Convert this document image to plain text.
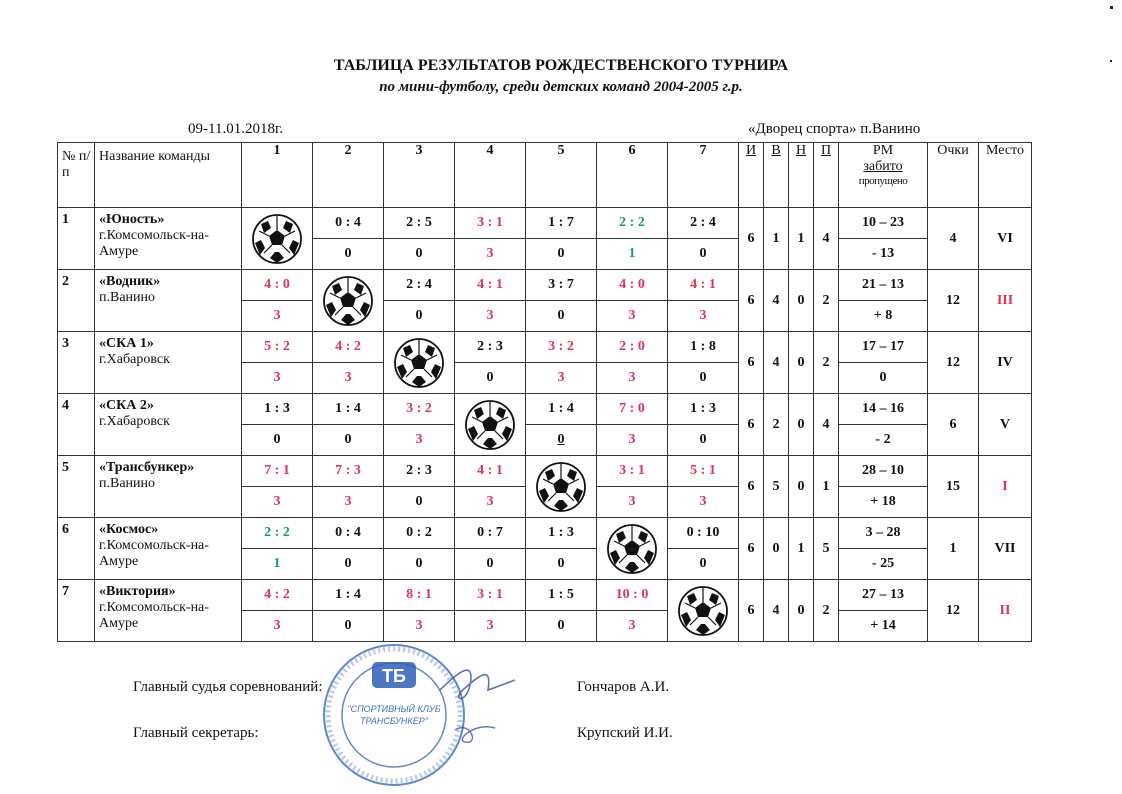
ТАБЛИЦА РЕЗУЛЬТАТОВ РОЖДЕСТВЕНСКОГО ТУРНИРА
по мини-футболу, среди детских команд 2004-2005 г.р.
09-11.01.2018г.	«Дворец спорта» п.Ванино
№ п/п	Название команды	1	2	3	4	5	6	7	И	В	Н	П	РМ
забито
пропущено	Очки	Место
1	«Юность»
г.Комсомольск-на-Амуре		0 : 4	2 : 5	3 : 1	1 : 7	2 : 2	2 : 4	6	1	1	4	10 – 23	4	VI
			0	0	3	0	1	0					- 13		
2	«Водник»
п.Ванино	4 : 0		2 : 4	4 : 1	3 : 7	4 : 0	4 : 1	6	4	0	2	21 – 13	12	III
		3		0	3	0	3	3					+ 8		
3	«СКА 1»
г.Хабаровск	5 : 2	4 : 2		2 : 3	3 : 2	2 : 0	1 : 8	6	4	0	2	17 – 17	12	IV
		3	3		0	3	3	0					0		
4	«СКА 2»
г.Хабаровск	1 : 3	1 : 4	3 : 2		1 : 4	7 : 0	1 : 3	6	2	0	4	14 – 16	6	V
		0	0	3		0	3	0					- 2		
5	«Трансбункер»
п.Ванино	7 : 1	7 : 3	2 : 3	4 : 1		3 : 1	5 : 1	6	5	0	1	28 – 10	15	I
		3	3	0	3		3	3					+ 18		
6	«Космос»
г.Комсомольск-на-Амуре	2 : 2	0 : 4	0 : 2	0 : 7	1 : 3		0 : 10	6	0	1	5	3 – 28	1	VII
		1	0	0	0	0		0					- 25		
7	«Виктория»
г.Комсомольск-на-Амуре	4 : 2	1 : 4	8 : 1	3 : 1	1 : 5	10 : 0		6	4	0	2	27 – 13	12	II
		3	0	3	3	0	3						+ 14		
Главный судья соревнований:	Гончаров А.И.
Главный секретарь:	Крупский И.И.
ТБ
"СПОРТИВНЫЙ КЛУБ
ТРАНСБУНКЕР"
